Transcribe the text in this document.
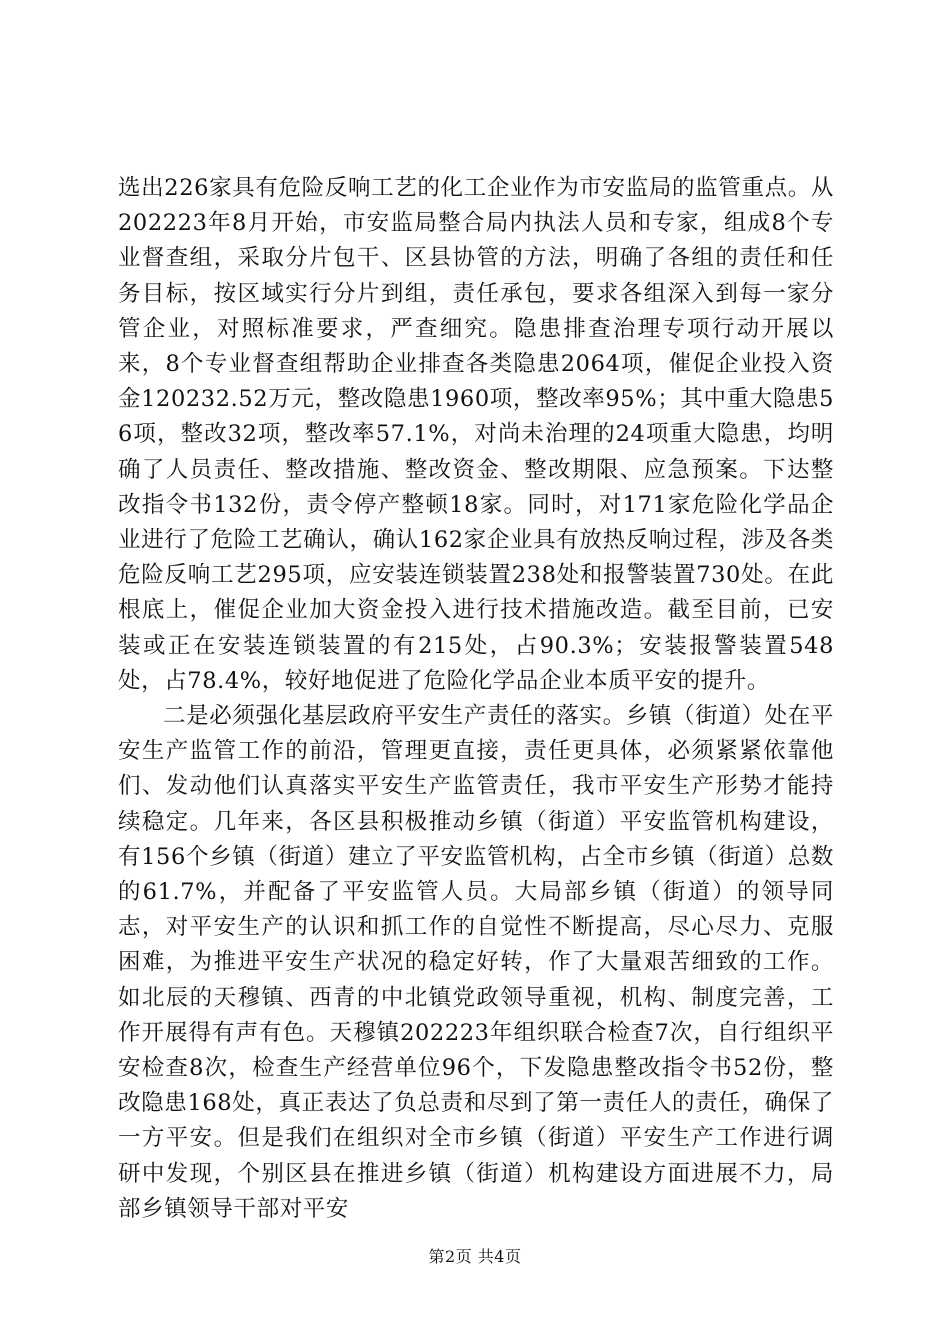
选出226家具有危险反响工艺的化工企业作为市安监局的监管重点。从202223年8月开始，市安监局整合局内执法人员和专家，组成8个专业督查组，采取分片包干、区县协管的方法，明确了各组的责任和任务目标，按区域实行分片到组，责任承包，要求各组深入到每一家分管企业，对照标准要求，严查细究。隐患排查治理专项行动开展以来，8个专业督查组帮助企业排查各类隐患2064项，催促企业投入资金120232.52万元，整改隐患1960项，整改率95%；其中重大隐患56项，整改32项，整改率57.1%，对尚未治理的24项重大隐患，均明确了人员责任、整改措施、整改资金、整改期限、应急预案。下达整改指令书132份，责令停产整顿18家。同时，对171家危险化学品企业进行了危险工艺确认，确认162家企业具有放热反响过程，涉及各类危险反响工艺295项，应安装连锁装置238处和报警装置730处。在此根底上，催促企业加大资金投入进行技术措施改造。截至目前，已安装或正在安装连锁装置的有215处，占90.3%；安装报警装置548处，占78.4%，较好地促进了危险化学品企业本质平安的提升。

二是必须强化基层政府平安生产责任的落实。乡镇（街道）处在平安生产监管工作的前沿，管理更直接，责任更具体，必须紧紧依靠他们、发动他们认真落实平安生产监管责任，我市平安生产形势才能持续稳定。几年来，各区县积极推动乡镇（街道）平安监管机构建设，有156个乡镇（街道）建立了平安监管机构，占全市乡镇（街道）总数的61.7%，并配备了平安监管人员。大局部乡镇（街道）的领导同志，对平安生产的认识和抓工作的自觉性不断提高，尽心尽力、克服困难，为推进平安生产状况的稳定好转，作了大量艰苦细致的工作。如北辰的天穆镇、西青的中北镇党政领导重视，机构、制度完善，工作开展得有声有色。天穆镇202223年组织联合检查7次，自行组织平安检查8次，检查生产经营单位96个，下发隐患整改指令书52份，整改隐患168处，真正表达了负总责和尽到了第一责任人的责任，确保了一方平安。但是我们在组织对全市乡镇（街道）平安生产工作进行调研中发现，个别区县在推进乡镇（街道）机构建设方面进展不力，局部乡镇领导干部对平安

第2页 共4页
